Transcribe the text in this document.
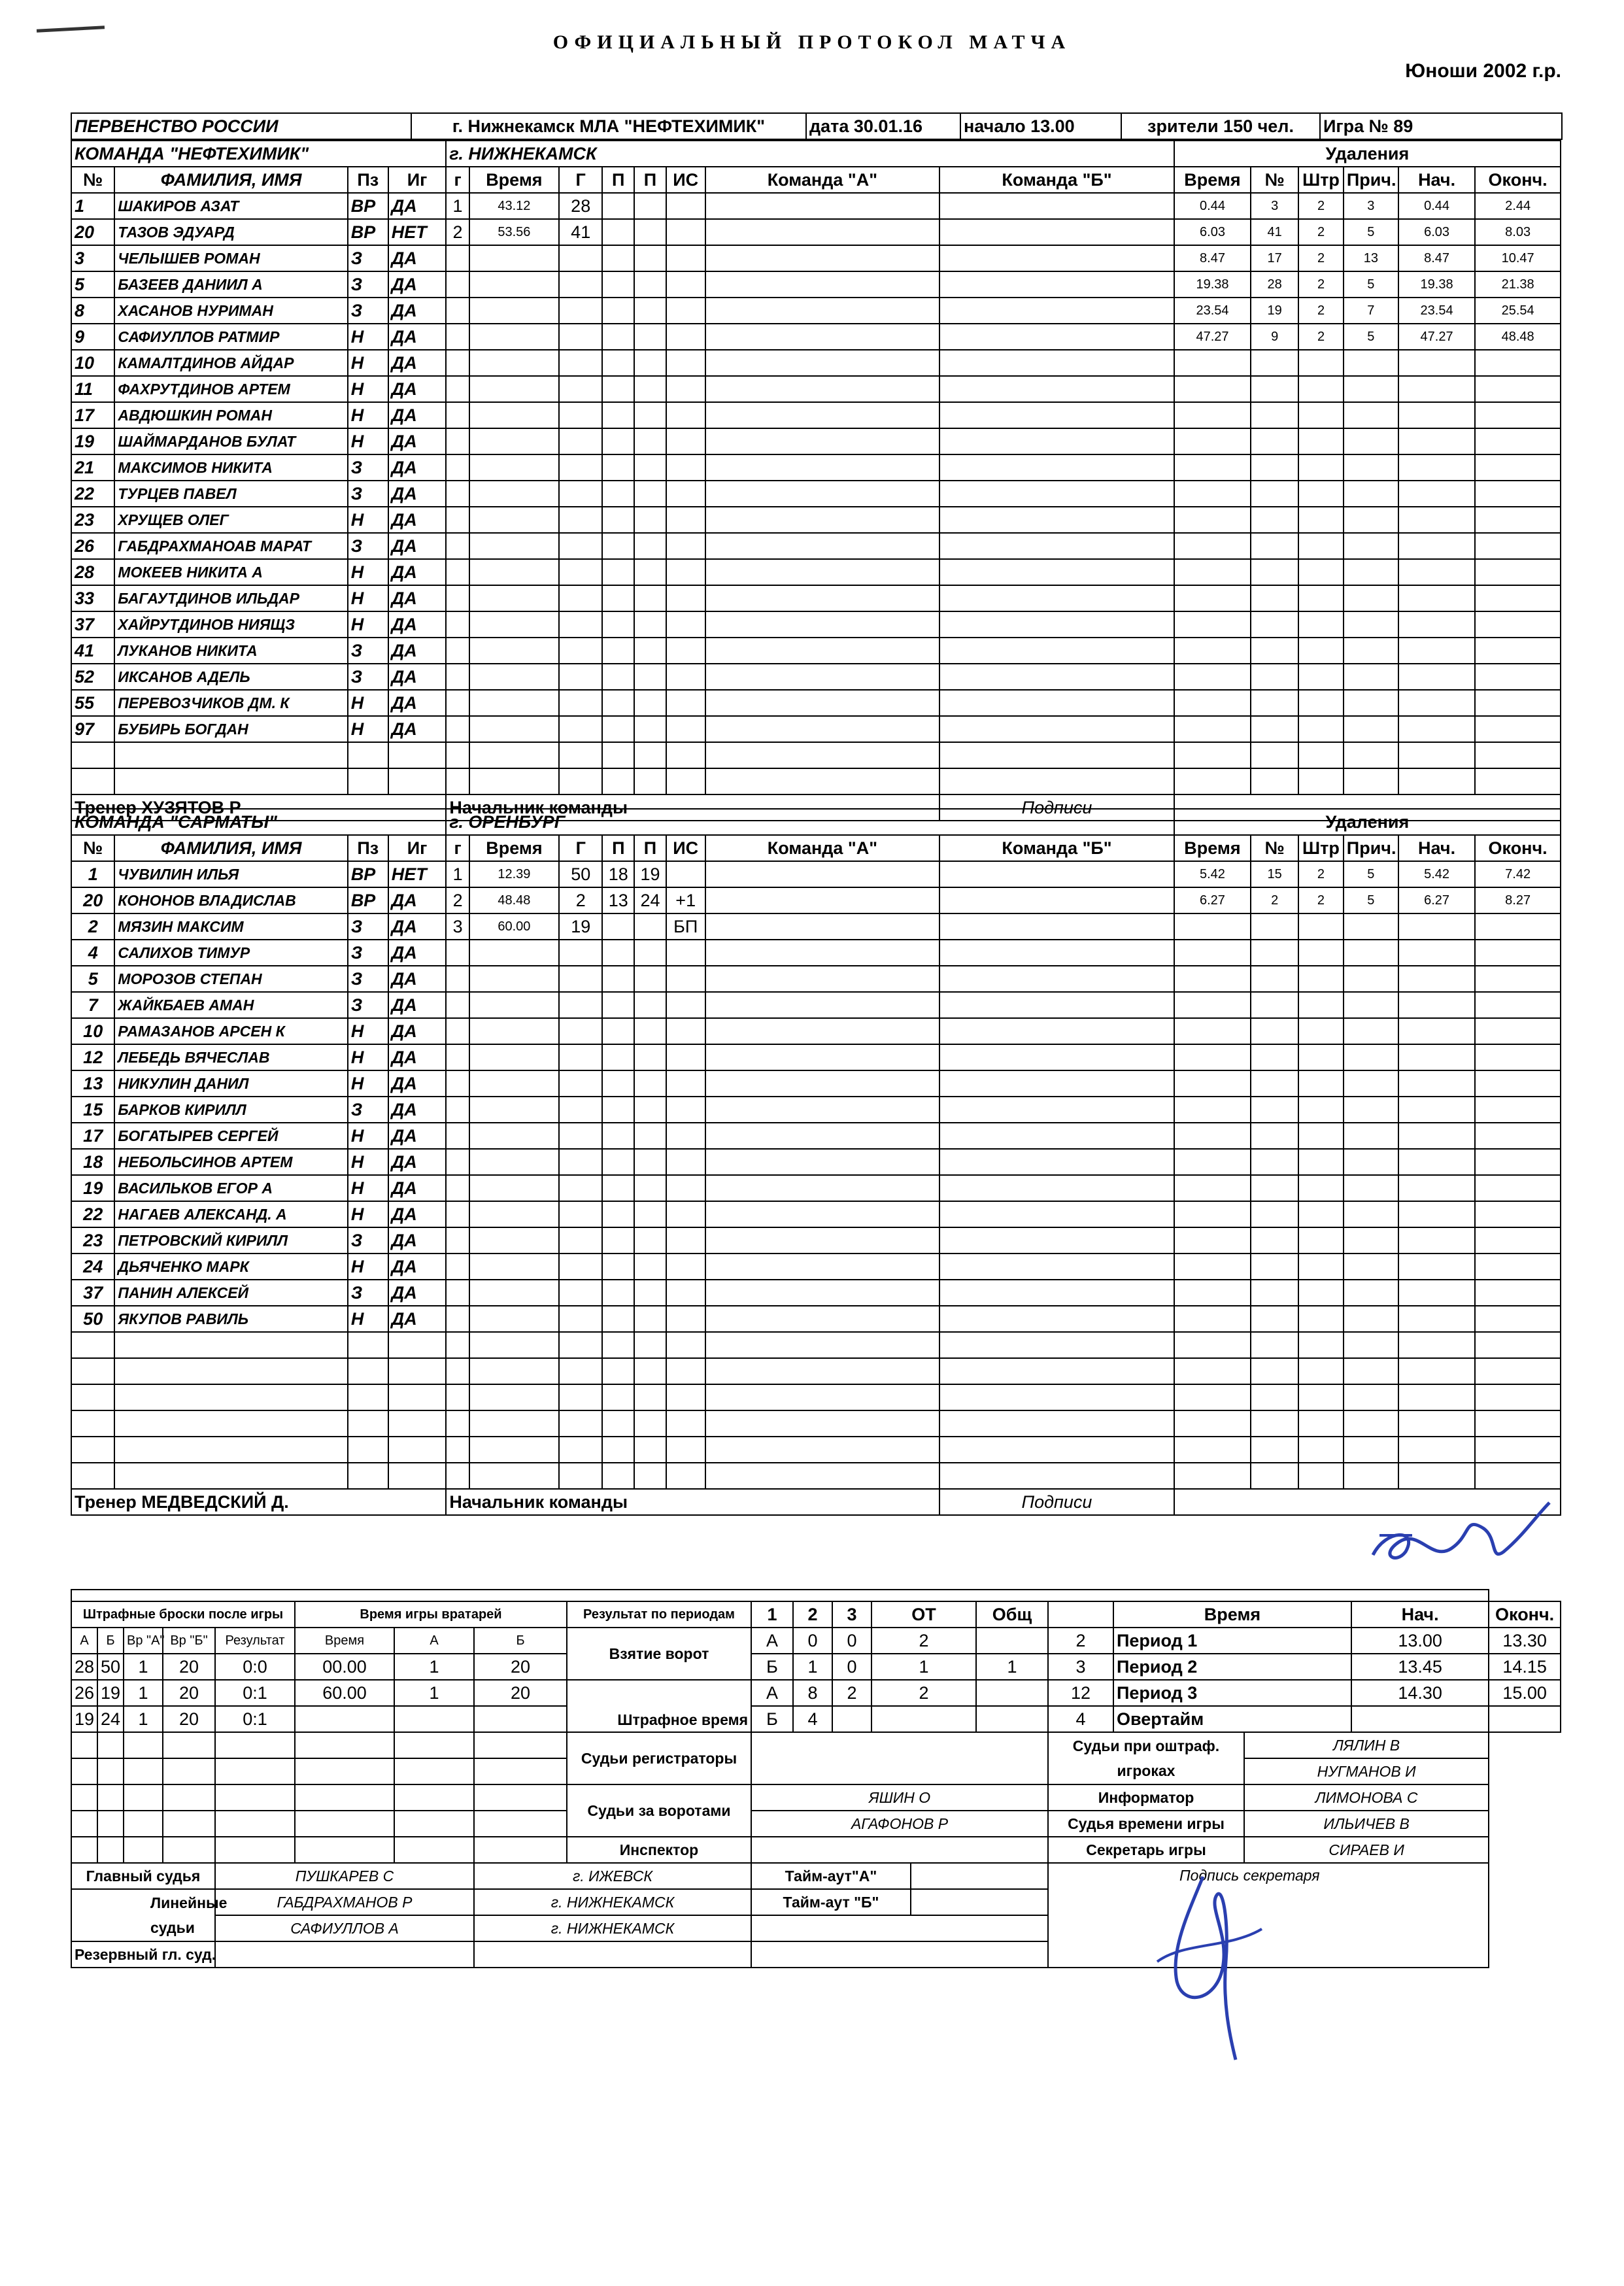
ОФИЦИАЛЬНЫЙ ПРОТОКОЛ МАТЧА
Юноши 2002 г.р.
ПЕРВЕНСТВО РОССИИ	г. Нижнекамск МЛА "НЕФТЕХИМИК"	дата 30.01.16	начало 13.00	зрители 150 чел.	Игра № 89
КОМАНДА "НЕФТЕХИМИК"				г. НИЖНЕКАМСК								Удаления					
№	ФАМИЛИЯ, ИМЯ	Пз	Иг	г	Время	Г	П	П	ИС	Команда "А"	Команда "Б"	Время	№	Штр	Прич.	Нач.	Оконч.
1	ШАКИРОВ АЗАТ	ВР	ДА	1	43.12	28						0.44	3	2	3	0.44	2.44
20	ТАЗОВ ЭДУАРД	ВР	НЕТ	2	53.56	41						6.03	41	2	5	6.03	8.03
3	ЧЕЛЫШЕВ РОМАН	З	ДА									8.47	17	2	13	8.47	10.47
5	БАЗЕЕВ ДАНИИЛ А	З	ДА									19.38	28	2	5	19.38	21.38
8	ХАСАНОВ НУРИМАН	З	ДА									23.54	19	2	7	23.54	25.54
9	САФИУЛЛОВ РАТМИР	Н	ДА									47.27	9	2	5	47.27	48.48
10	КАМАЛТДИНОВ АЙДАР	Н	ДА														
11	ФАХРУТДИНОВ АРТЕМ	Н	ДА														
17	АВДЮШКИН РОМАН	Н	ДА														
19	ШАЙМАРДАНОВ БУЛАТ	Н	ДА														
21	МАКСИМОВ НИКИТА	З	ДА														
22	ТУРЦЕВ ПАВЕЛ	З	ДА														
23	ХРУЩЕВ ОЛЕГ	Н	ДА														
26	ГАБДРАХМАНОАВ МАРАТ	З	ДА														
28	МОКЕЕВ НИКИТА А	Н	ДА														
33	БАГАУТДИНОВ ИЛЬДАР	Н	ДА														
37	ХАЙРУТДИНОВ НИЯЩЗ	Н	ДА														
41	ЛУКАНОВ НИКИТА	З	ДА														
52	ИКСАНОВ АДЕЛЬ	З	ДА														
55	ПЕРЕВОЗЧИКОВ ДМ. К	Н	ДА														
97	БУБИРЬ БОГДАН	Н	ДА														

Тренер ХУЗЯТОВ Р				Начальник команды							Подписи						
КОМАНДА "САРМАТЫ"				г. ОРЕНБУРГ								Удаления					
№	ФАМИЛИЯ, ИМЯ	Пз	Иг	г	Время	Г	П	П	ИС	Команда "А"	Команда "Б"	Время	№	Штр	Прич.	Нач.	Оконч.
1	ЧУВИЛИН ИЛЬЯ	ВР	НЕТ	1	12.39	50	18	19				5.42	15	2	5	5.42	7.42
20	КОНОНОВ ВЛАДИСЛАВ	ВР	ДА	2	48.48	2	13	24	+1			6.27	2	2	5	6.27	8.27
2	МЯЗИН МАКСИМ	З	ДА	3	60.00	19			БП								
4	САЛИХОВ ТИМУР	З	ДА														
5	МОРОЗОВ СТЕПАН	З	ДА														
7	ЖАЙКБАЕВ АМАН	З	ДА														
10	РАМАЗАНОВ АРСЕН К	Н	ДА														
12	ЛЕБЕДЬ ВЯЧЕСЛАВ	Н	ДА														
13	НИКУЛИН ДАНИЛ	Н	ДА														
15	БАРКОВ КИРИЛЛ	З	ДА														
17	БОГАТЫРЕВ СЕРГЕЙ	Н	ДА														
18	НЕБОЛЬСИНОВ АРТЕМ	Н	ДА														
19	ВАСИЛЬКОВ ЕГОР А	Н	ДА														
22	НАГАЕВ АЛЕКСАНД. А	Н	ДА														
23	ПЕТРОВСКИЙ КИРИЛЛ	З	ДА														
24	ДЬЯЧЕНКО МАРК	Н	ДА														
37	ПАНИН АЛЕКСЕЙ	З	ДА														
50	ЯКУПОВ РАВИЛЬ	Н	ДА														

Тренер МЕДВЕДСКИЙ Д.				Начальник команды							Подписи						

Штрафные броски после игры					Время игры вратарей			Результат по периодам	1	2	3	ОТ		Общ		Время		Нач.	Оконч.
А	Б	Вр "А"	Вр "Б"	Результат	Время	А	Б	Взятие ворот	А	0	0	2			2	Период 1		13.00	13.30
28	50	1	20	0:0	00.00	1	20		Б	1	0	1		1	3	Период 2		13.45	14.15
26	19	1	20	0:1	60.00	1	20	Штрафное время	А	8	2	2			12	Период 3		14.30	15.00
19	24	1	20	0:1					Б	4					4	Овертайм			
								Судьи регистраторы							Судьи при оштраф. игроках		ЛЯЛИН В		
																	НУГМАНОВ И		
								Судьи за воротами	ЯШИН О						Информатор		ЛИМОНОВА С		
									АГАФОНОВ Р						Судья времени игры		ИЛЬИЧЕВ В		
								Инспектор							Секретарь игры		СИРАЕВ И		
Главный судья				ПУШКАРЕВ С			г. ИЖЕВСК		Тайм-аут"А"						Подпись секретаря				
Линейные судьи				ГАБДРАХМАНОВ Р			г. НИЖНЕКАМСК		Тайм-аут "Б"										
				САФИУЛЛОВ А			г. НИЖНЕКАМСК												
Резервный гл. суд.																			
